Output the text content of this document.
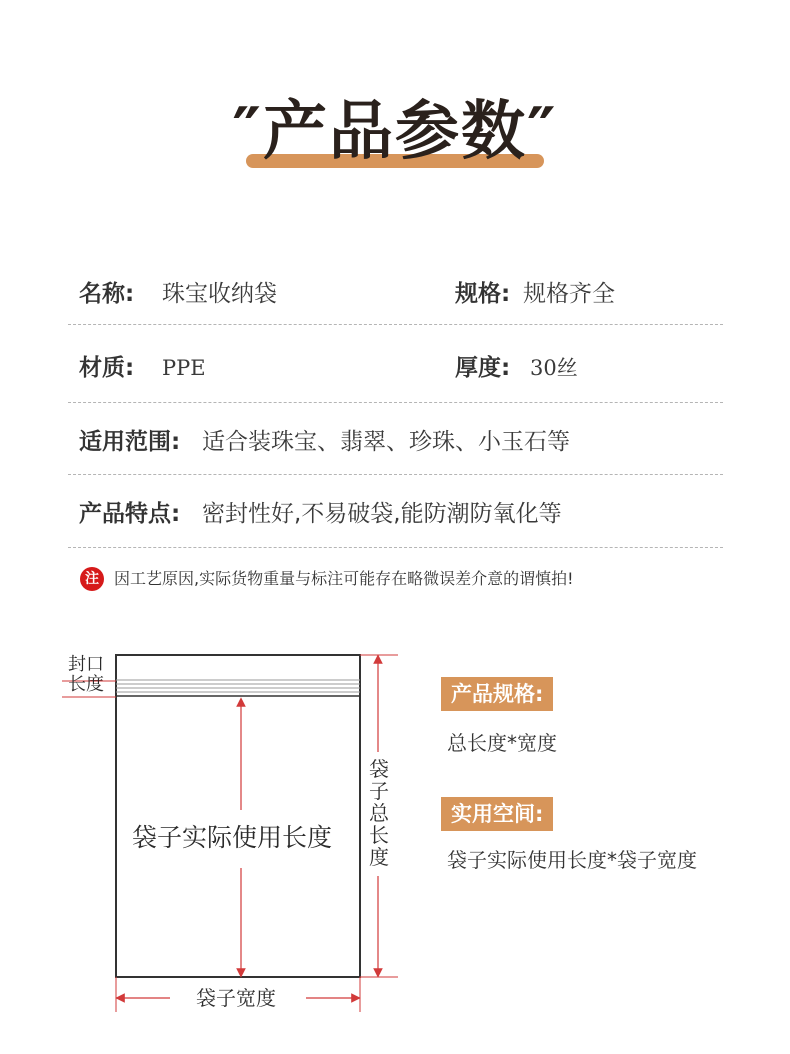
″产品参数″
名称: 珠宝收纳袋	规格: 规格齐全
材质: PPE	厚度: 30丝
适用范围: 适合装珠宝、翡翠、珍珠、小玉石等
产品特点: 密封性好,不易破袋,能防潮防氧化等
注 因工艺原因,实际货物重量与标注可能存在略微误差介意的谓慎拍!
封口
长度
袋子实际使用长度
袋子总长度
袋子宽度
产品规格:
总长度*宽度
实用空间:
袋子实际使用长度*袋子宽度
